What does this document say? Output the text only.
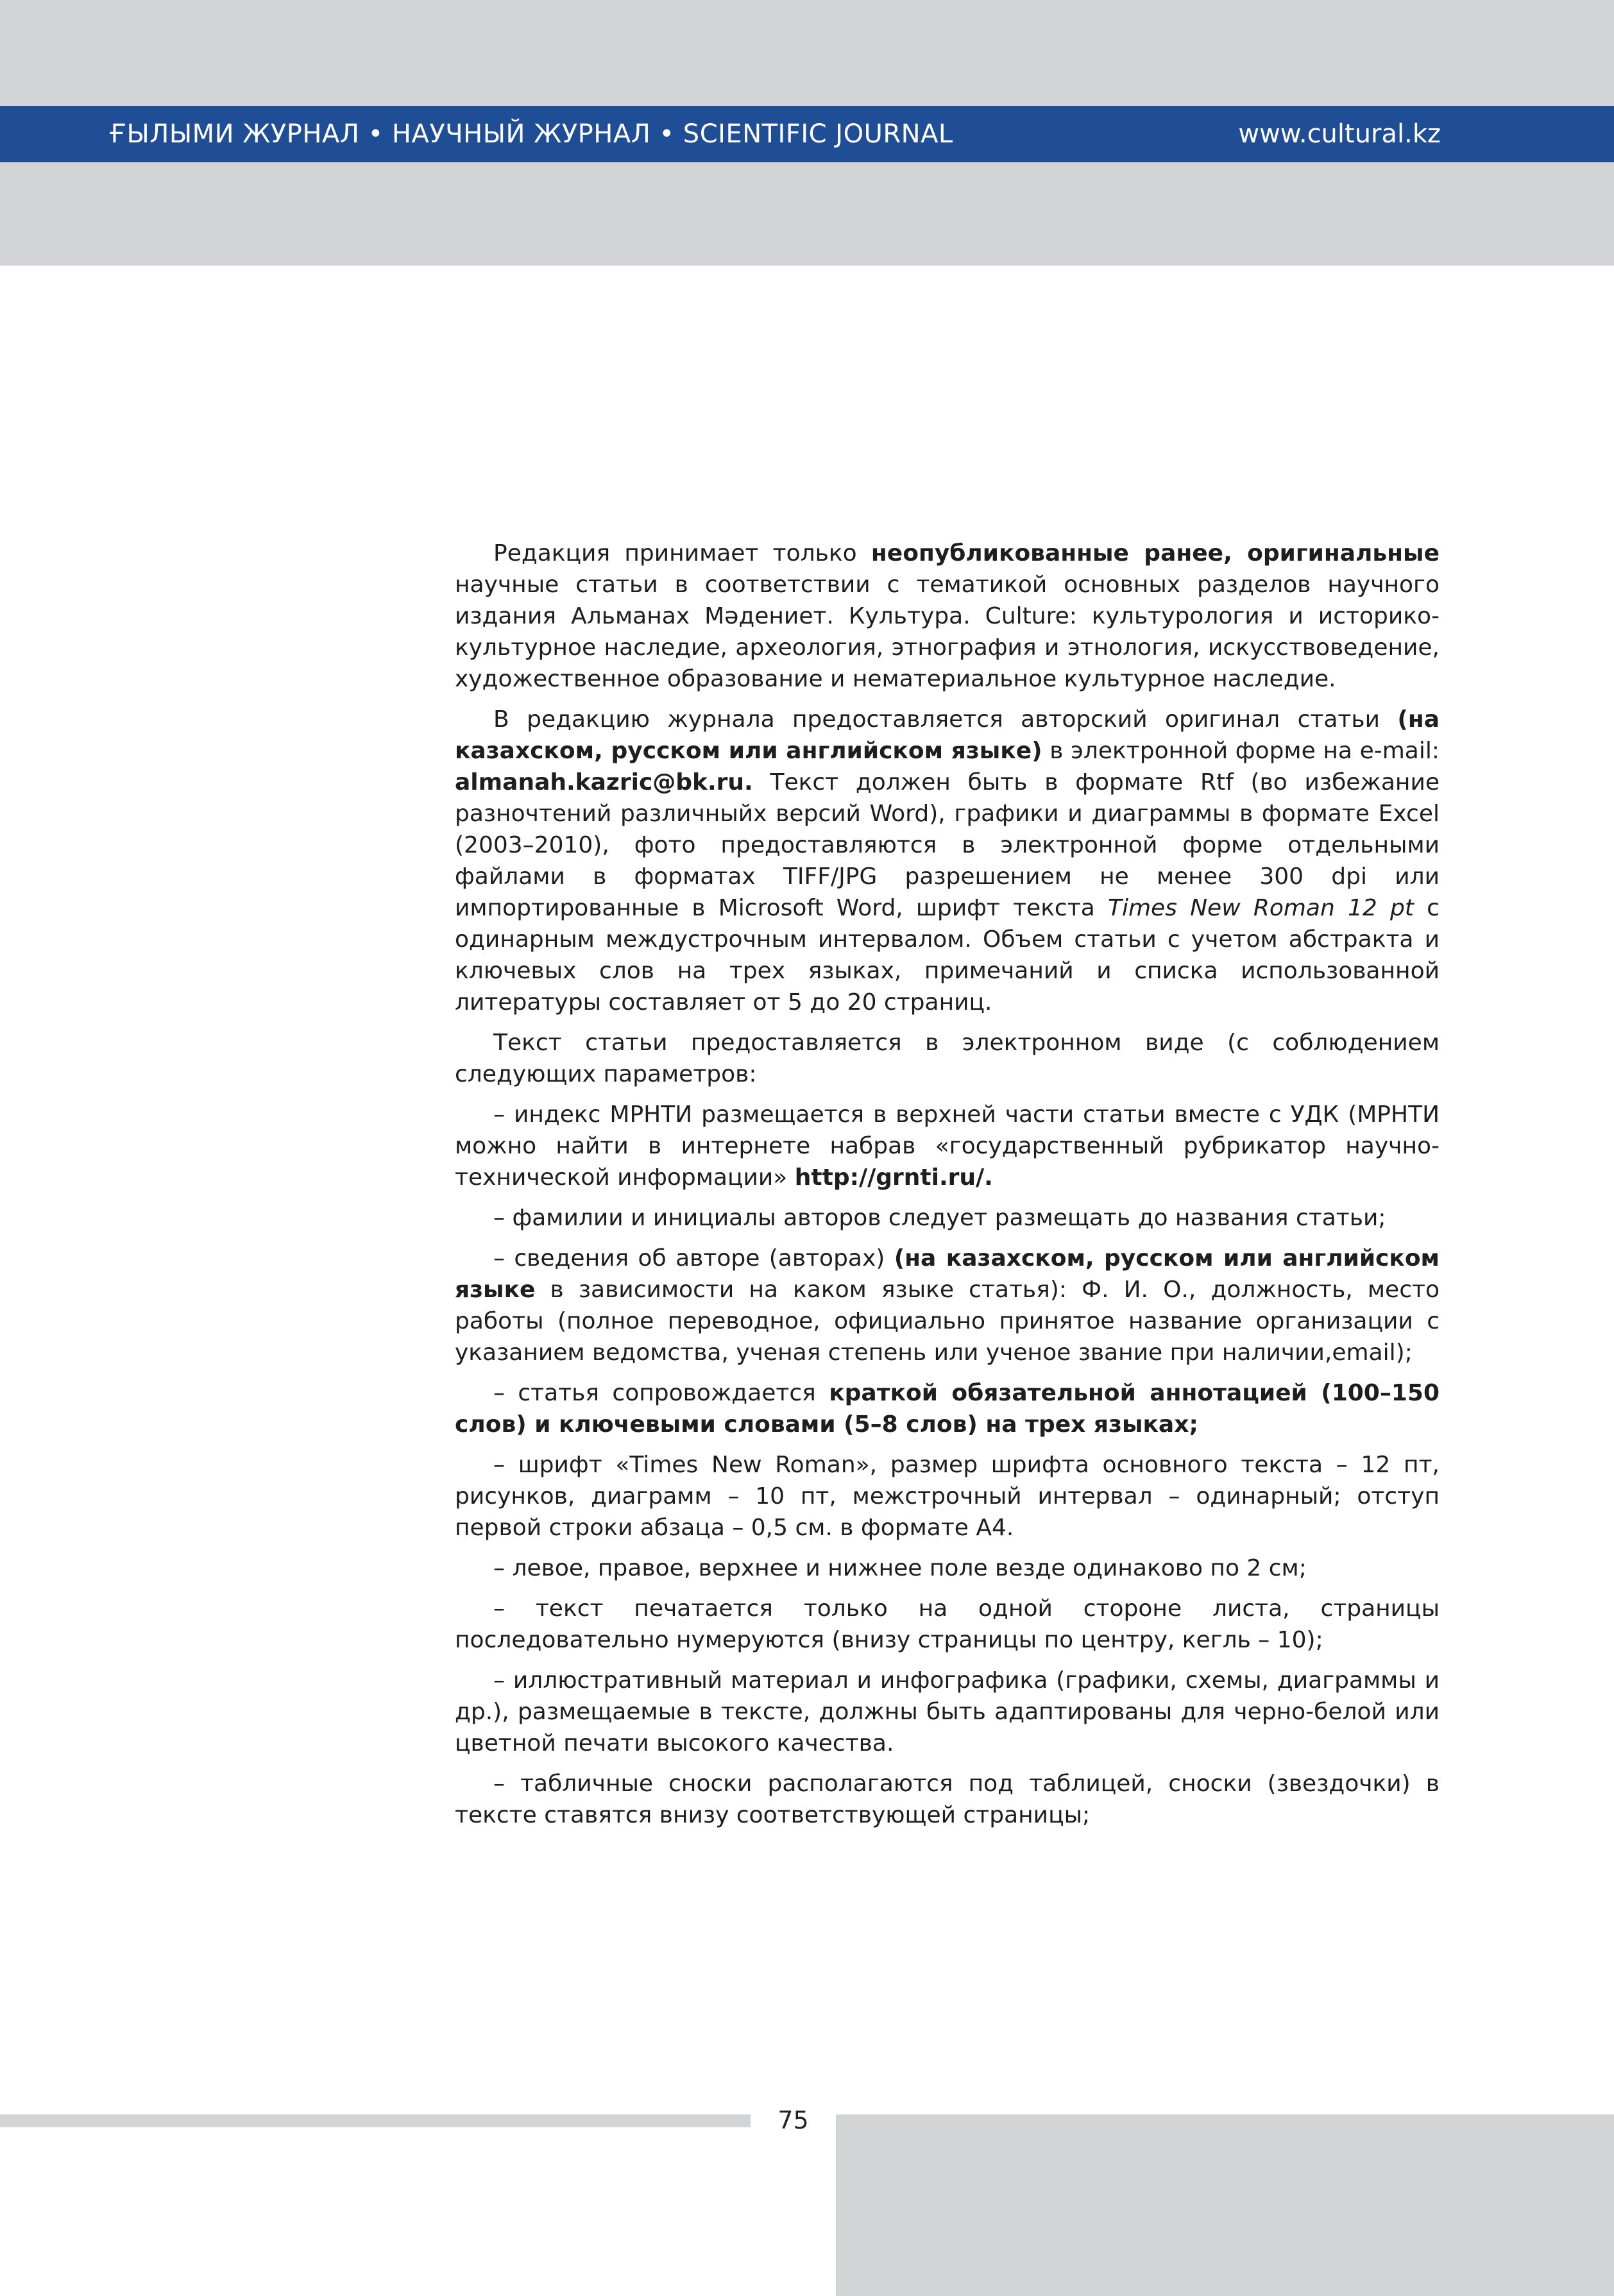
ҒЫЛЫМИ ЖУРНАЛ • НАУЧНЫЙ ЖУРНАЛ • SCIENTIFIC JOURNAL	www.cultural.kz

Редакция принимает только неопубликованные ранее, оригинальные научные статьи в соответствии с тематикой основных разделов научного издания Альманах Мәдениет. Культура. Culture: культурология и историко-культурное наследие, археология, этнография и этнология, искусствоведение, художественное образование и нематериальное культурное наследие.

В редакцию журнала предоставляется авторский оригинал статьи (на казахском, русском или английском языке) в электронной форме на e-mail: almanah.kazric@bk.ru. Текст должен быть в формате Rtf (во избежание разночтений различныйх версий Word), графики и диаграммы в формате Excel (2003–2010), фото предоставляются в электронной форме отдельными файлами в форматах TIFF/JPG разрешением не менее 300 dpi или импортированные в Microsoft Word, шрифт текста Times New Roman 12 pt с одинарным междустрочным интервалом. Объем статьи с учетом абстракта и ключевых слов на трех языках, примечаний и списка использованной литературы составляет от 5 до 20 страниц.

Текст статьи предоставляется в электронном виде (с соблюдением следующих параметров:

– индекс МРНТИ размещается в верхней части статьи вместе с УДК (МРНТИ можно найти в интернете набрав «государственный рубрикатор научно-технической информации» http://grnti.ru/.

– фамилии и инициалы авторов следует размещать до названия статьи;

– сведения об авторе (авторах) (на казахском, русском или английском языке в зависимости на каком языке статья): Ф. И. О., должность, место работы (полное переводное, официально принятое название организации с указанием ведомства, ученая степень или ученое звание при наличии,email);

– статья сопровождается краткой обязательной аннотацией (100–150 слов) и ключевыми словами (5–8 слов) на трех языках;

– шрифт «Times New Roman», размер шрифта основного текста – 12 пт, рисунков, диаграмм – 10 пт, межстрочный интервал – одинарный; отступ первой строки абзаца – 0,5 см. в формате А4.

– левое, правое, верхнее и нижнее поле везде одинаково по 2 см;

– текст печатается только на одной стороне листа, страницы последовательно нумеруются (внизу страницы по центру, кегль – 10);

– иллюстративный материал и инфографика (графики, схемы, диаграммы и др.), размещаемые в тексте, должны быть адаптированы для черно-белой или цветной печати высокого качества.

– табличные сноски располагаются под таблицей, сноски (звездочки) в тексте ставятся внизу соответствующей страницы;

75
